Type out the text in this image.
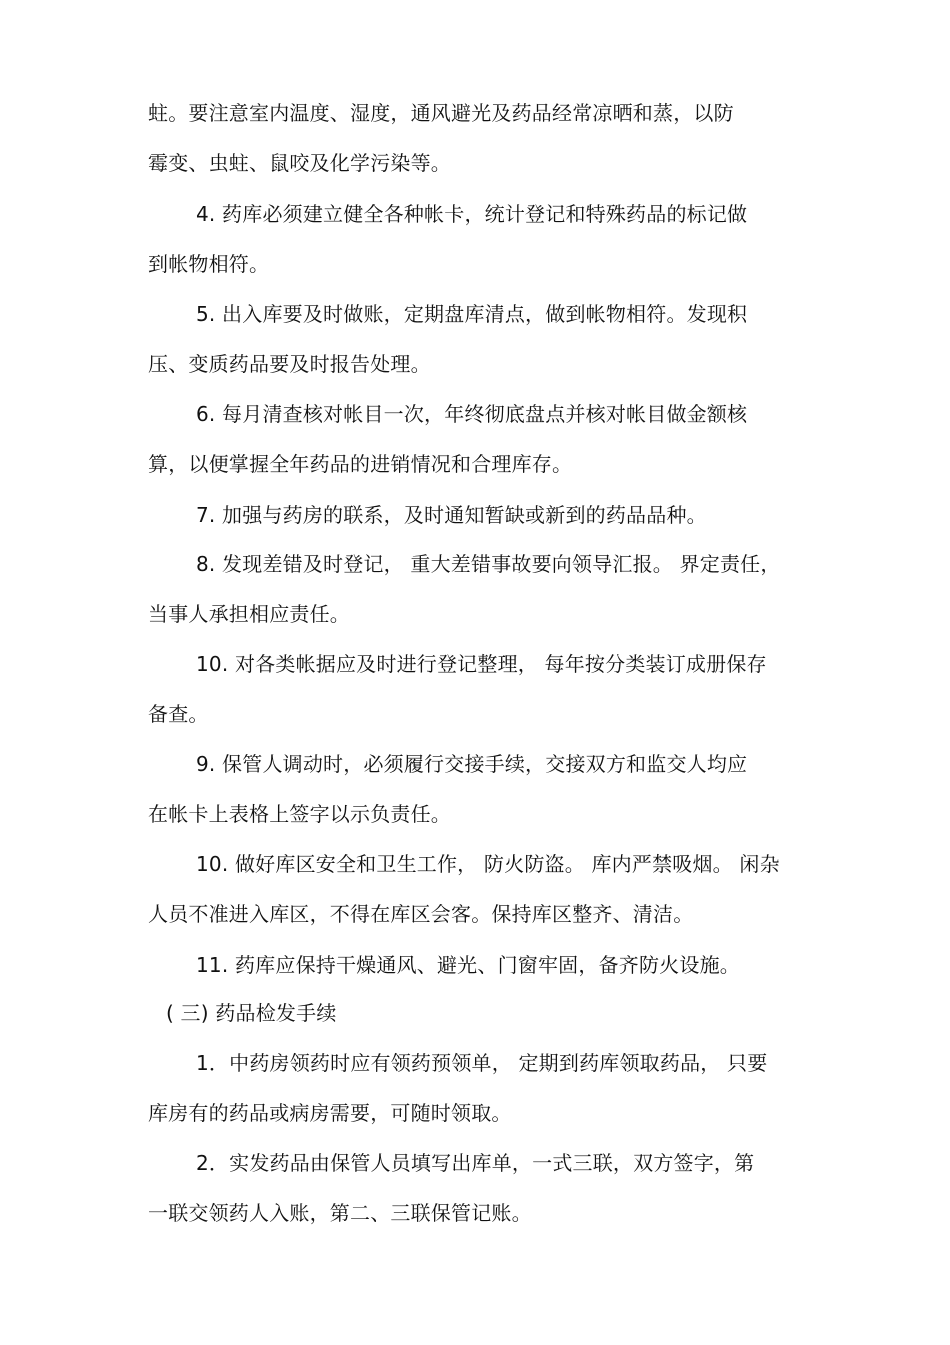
蛀。要注意室内温度、湿度，通风避光及药品经常凉晒和蒸，以防
霉变、虫蛀、鼠咬及化学污染等。
4. 药库必须建立健全各种帐卡，统计登记和特殊药品的标记做
到帐物相符。
5. 出入库要及时做账，定期盘库清点，做到帐物相符。发现积
压、变质药品要及时报告处理。
6. 每月清查核对帐目一次，年终彻底盘点并核对帐目做金额核
算，以便掌握全年药品的进销情况和合理库存。
7. 加强与药房的联系，及时通知暂缺或新到的药品品种。
8. 发现差错及时登记， 重大差错事故要向领导汇报。 界定责任，
当事人承担相应责任。
10. 对各类帐据应及时进行登记整理， 每年按分类装订成册保存
备查。
9. 保管人调动时，必须履行交接手续，交接双方和监交人均应
在帐卡上表格上签字以示负责任。
10. 做好库区安全和卫生工作， 防火防盗。 库内严禁吸烟。 闲杂
人员不准进入库区，不得在库区会客。保持库区整齐、清洁。
11. 药库应保持干燥通风、避光、门窗牢固，备齐防火设施。
( 三) 药品检发手续
1．中药房领药时应有领药预领单， 定期到药库领取药品， 只要
库房有的药品或病房需要，可随时领取。
2．实发药品由保管人员填写出库单，一式三联，双方签字，第
一联交领药人入账，第二、三联保管记账。
